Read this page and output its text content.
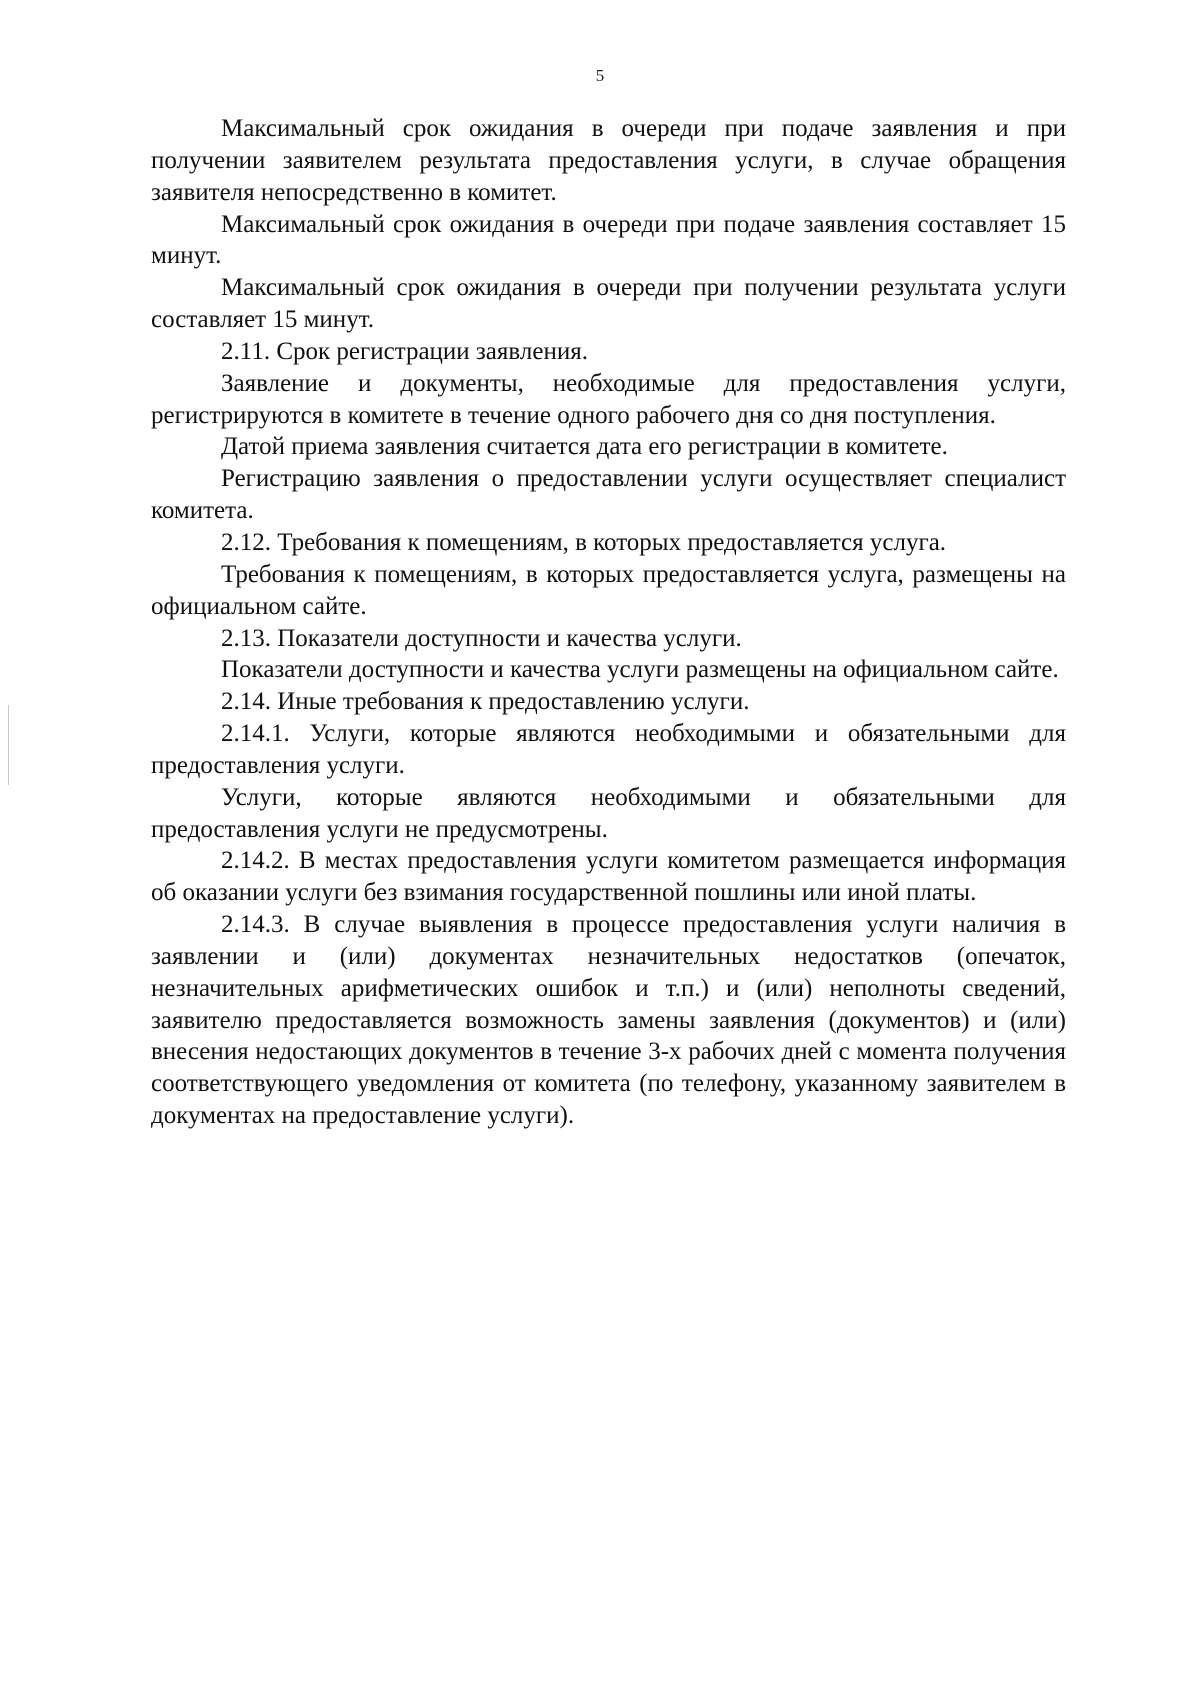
5

Максимальный срок ожидания в очереди при подаче заявления и при получении заявителем результата предоставления услуги, в случае обращения заявителя непосредственно в комитет.

Максимальный срок ожидания в очереди при подаче заявления составляет 15 минут.

Максимальный срок ожидания в очереди при получении результата услуги составляет 15 минут.

2.11. Срок регистрации заявления.

Заявление и документы, необходимые для предоставления услуги, регистрируются в комитете в течение одного рабочего дня со дня поступления.

Датой приема заявления считается дата его регистрации в комитете.

Регистрацию заявления о предоставлении услуги осуществляет специалист комитета.

2.12. Требования к помещениям, в которых предоставляется услуга.

Требования к помещениям, в которых предоставляется услуга, размещены на официальном сайте.

2.13. Показатели доступности и качества услуги.

Показатели доступности и качества услуги размещены на официальном сайте.

2.14. Иные требования к предоставлению услуги.

2.14.1. Услуги, которые являются необходимыми и обязательными для предоставления услуги.

Услуги, которые являются необходимыми и обязательными для предоставления услуги не предусмотрены.

2.14.2. В местах предоставления услуги комитетом размещается информация об оказании услуги без взимания государственной пошлины или иной платы.

2.14.3. В случае выявления в процессе предоставления услуги наличия в заявлении и (или) документах незначительных недостатков (опечаток, незначительных арифметических ошибок и т.п.) и (или) неполноты сведений, заявителю предоставляется возможность замены заявления (документов) и (или) внесения недостающих документов в течение 3-х рабочих дней с момента получения соответствующего уведомления от комитета (по телефону, указанному заявителем в документах на предоставление услуги).
